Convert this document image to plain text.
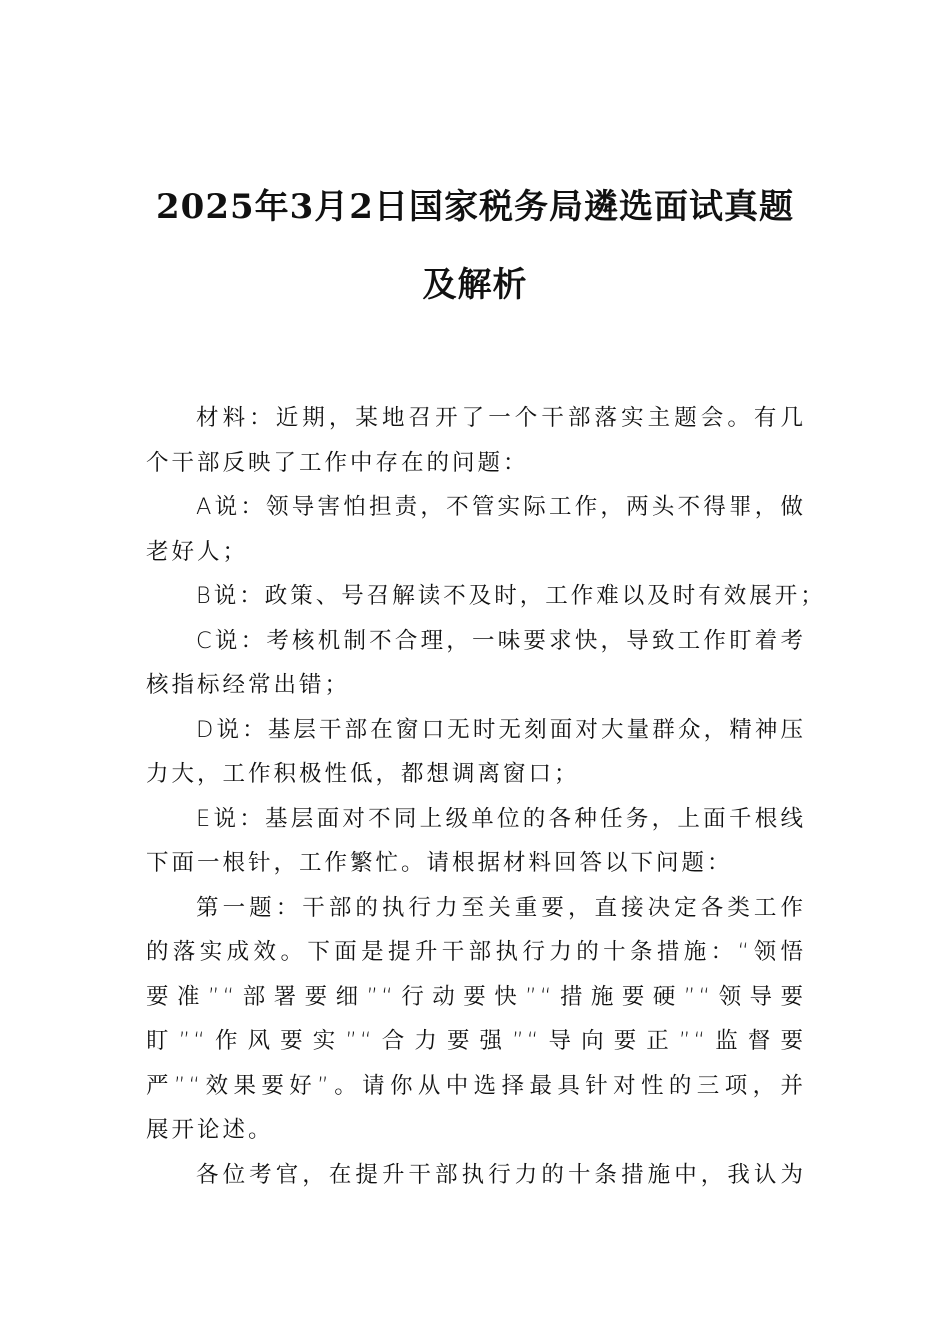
2025年3月2日国家税务局遴选面试真题
及解析

材料：近期，某地召开了一个干部落实主题会。有几
个干部反映了工作中存在的问题：

A说：领导害怕担责，不管实际工作，两头不得罪，做
老好人；

B说：政策、号召解读不及时，工作难以及时有效展开；

C说：考核机制不合理，一味要求快，导致工作盯着考
核指标经常出错；

D说：基层干部在窗口无时无刻面对大量群众，精神压
力大，工作积极性低，都想调离窗口；

E说：基层面对不同上级单位的各种任务，上面千根线
下面一根针，工作繁忙。请根据材料回答以下问题：

第一题：干部的执行力至关重要，直接决定各类工作
的落实成效。下面是提升干部执行力的十条措施：“领悟
要准”“部署要细”“行动要快”“措施要硬”“领导要
盯”“作风要实”“合力要强”“导向要正”“监督要
严”“效果要好”。请你从中选择最具针对性的三项，并
展开论述。

各位考官，在提升干部执行力的十条措施中，我认为
